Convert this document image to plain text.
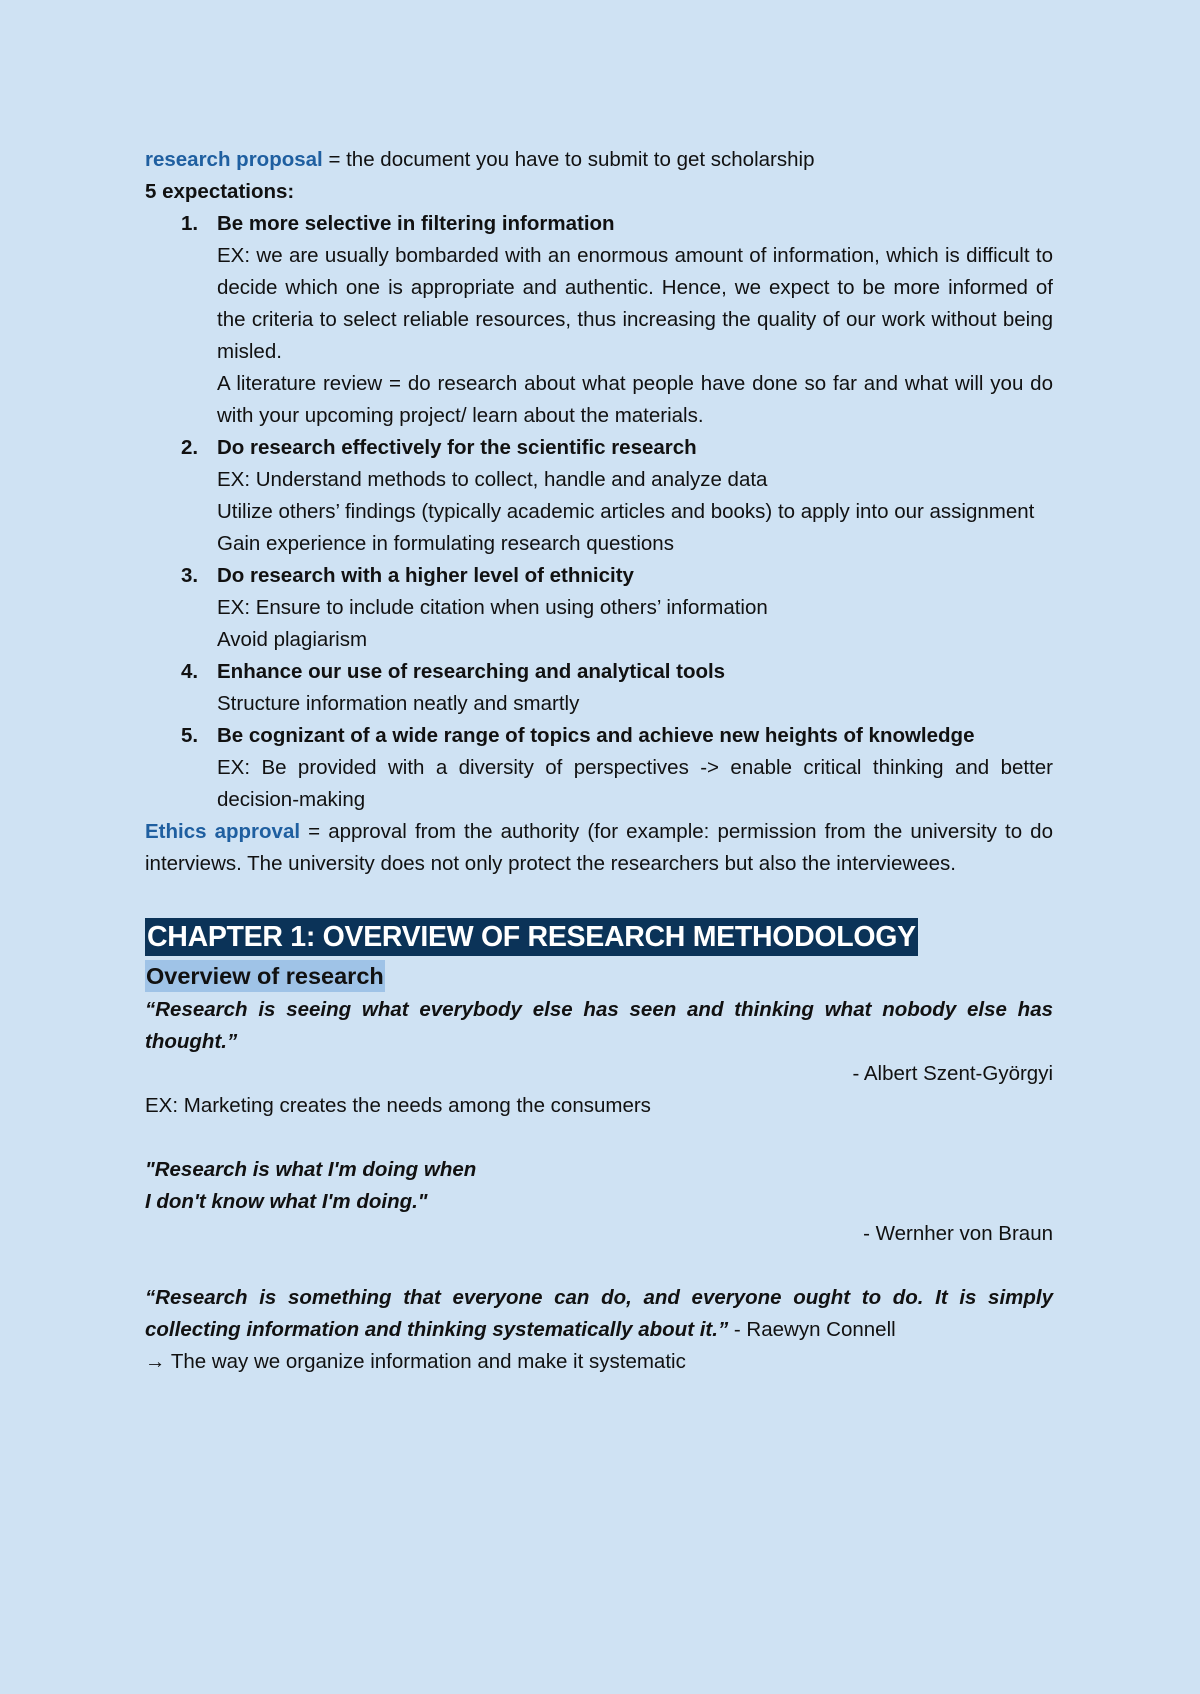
research proposal = the document you have to submit to get scholarship

5 expectations:

1. Be more selective in filtering information

EX: we are usually bombarded with an enormous amount of information, which is difficult to decide which one is appropriate and authentic. Hence, we expect to be more informed of the criteria to select reliable resources, thus increasing the quality of our work without being misled.

A literature review = do research about what people have done so far and what will you do with your upcoming project/ learn about the materials.

2. Do research effectively for the scientific research

EX: Understand methods to collect, handle and analyze data

Utilize others’ findings (typically academic articles and books) to apply into our assignment

Gain experience in formulating research questions

3. Do research with a higher level of ethnicity

EX: Ensure to include citation when using others’ information

Avoid plagiarism

4. Enhance our use of researching and analytical tools

Structure information neatly and smartly

5. Be cognizant of a wide range of topics and achieve new heights of knowledge

EX: Be provided with a diversity of perspectives -> enable critical thinking and better decision-making

Ethics approval = approval from the authority (for example: permission from the university to do interviews. The university does not only protect the researchers but also the interviewees.

CHAPTER 1: OVERVIEW OF RESEARCH METHODOLOGY
Overview of research

“Research is seeing what everybody else has seen and thinking what nobody else has thought.”

- Albert Szent-Györgyi

EX: Marketing creates the needs among the consumers

"Research is what I'm doing when

I don't know what I'm doing."

- Wernher von Braun

“Research is something that everyone can do, and everyone ought to do. It is simply collecting information and thinking systematically about it.” - Raewyn Connell

→ The way we organize information and make it systematic
